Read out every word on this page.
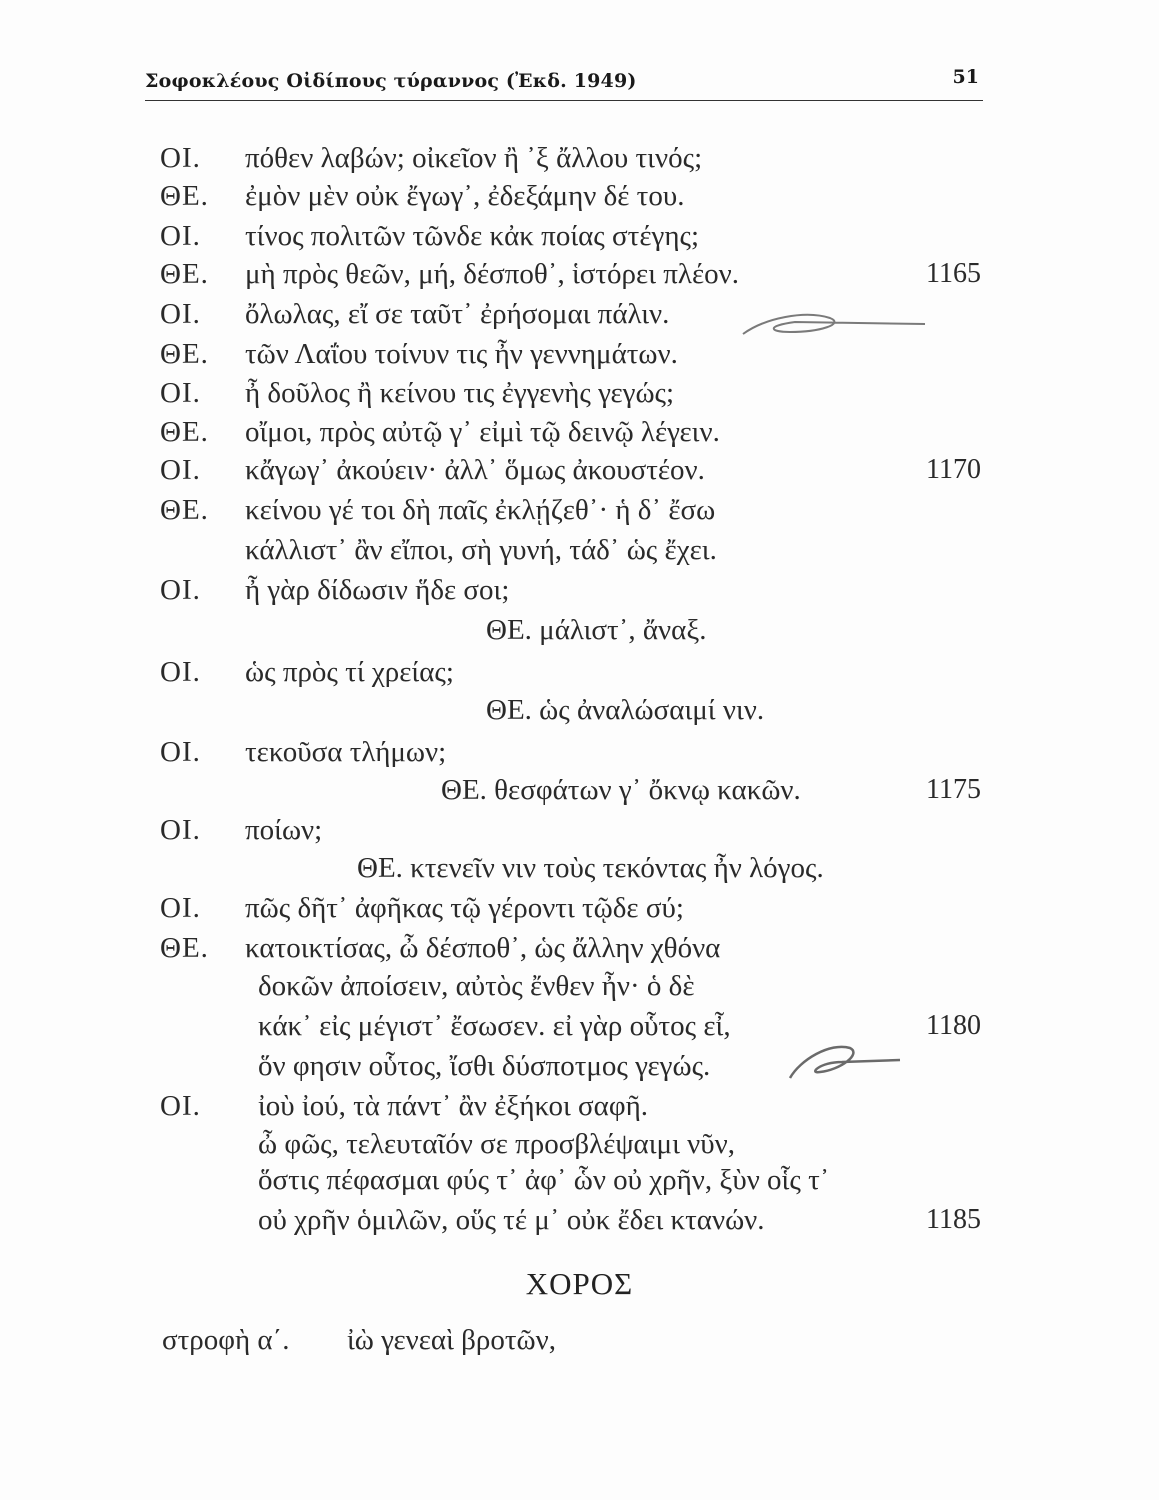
Σοφοκλέους Οἰδίπους τύραννος (Ἐκδ. 1949)	51
ΟΙ. πόθεν λαβών; οἰκεῖον ἢ ᾽ξ ἄλλου τινός;
ΘΕ. ἐμὸν μὲν οὐκ ἔγωγ᾽, ἐδεξάμην δέ του.
ΟΙ. τίνος πολιτῶν τῶνδε κἀκ ποίας στέγης;
ΘΕ. μὴ πρὸς θεῶν, μή, δέσποθ᾽, ἱστόρει πλέον.	1165
ΟΙ. ὄλωλας, εἴ σε ταῦτ᾽ ἐρήσομαι πάλιν.
ΘΕ. τῶν Λαΐου τοίνυν τις ἦν γεννημάτων.
ΟΙ. ἦ δοῦλος ἢ κείνου τις ἐγγενὴς γεγώς;
ΘΕ. οἴμοι, πρὸς αὐτῷ γ᾽ εἰμὶ τῷ δεινῷ λέγειν.
ΟΙ. κἄγωγ᾽ ἀκούειν· ἀλλ᾽ ὅμως ἀκουστέον.	1170
ΘΕ. κείνου γέ τοι δὴ παῖς ἐκλῄζεθ᾽· ἡ δ᾽ ἔσω
κάλλιστ᾽ ἂν εἴποι, σὴ γυνή, τάδ᾽ ὡς ἔχει.
ΟΙ. ἦ γὰρ δίδωσιν ἥδε σοι;
ΘΕ. μάλιστ᾽, ἄναξ.
ΟΙ. ὡς πρὸς τί χρείας;
ΘΕ. ὡς ἀναλώσαιμί νιν.
ΟΙ. τεκοῦσα τλήμων;
ΘΕ. θεσφάτων γ᾽ ὄκνῳ κακῶν.	1175
ΟΙ. ποίων;
ΘΕ. κτενεῖν νιν τοὺς τεκόντας ἦν λόγος.
ΟΙ. πῶς δῆτ᾽ ἀφῆκας τῷ γέροντι τῷδε σύ;
ΘΕ. κατοικτίσας, ὦ δέσποθ᾽, ὡς ἄλλην χθόνα
δοκῶν ἀποίσειν, αὐτὸς ἔνθεν ἦν· ὁ δὲ
κάκ᾽ εἰς μέγιστ᾽ ἔσωσεν. εἰ γὰρ οὗτος εἶ,	1180
ὅν φησιν οὗτος, ἴσθι δύσποτμος γεγώς.
ΟΙ. ἰοὺ ἰού, τὰ πάντ᾽ ἂν ἐξήκοι σαφῆ.
ὦ φῶς, τελευταῖόν σε προσβλέψαιμι νῦν,
ὅστις πέφασμαι φύς τ᾽ ἀφ᾽ ὧν οὐ χρῆν, ξὺν οἷς τ᾽
οὐ χρῆν ὁμιλῶν, οὕς τέ μ᾽ οὐκ ἔδει κτανών.	1185
ΧΟΡΟΣ
στροφὴ α΄. ἰὼ γενεαὶ βροτῶν,
